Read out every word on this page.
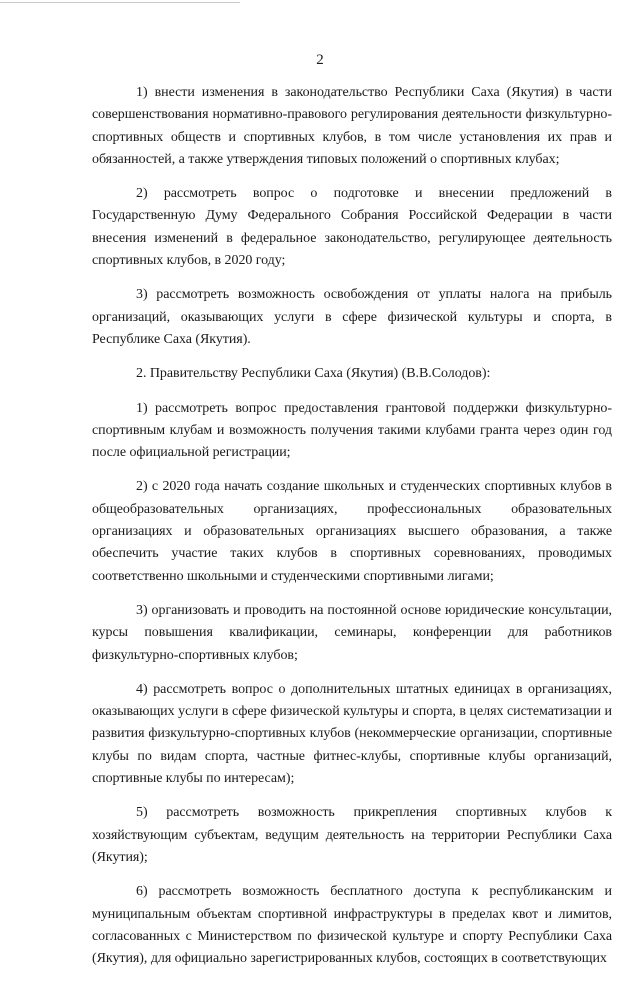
2

1) внести изменения в законодательство Республики Саха (Якутия) в части совершенствования нормативно-правового регулирования деятельности физкультурно-спортивных обществ и спортивных клубов, в том числе установления их прав и обязанностей, а также утверждения типовых положений о спортивных клубах;

2) рассмотреть вопрос о подготовке и внесении предложений в Государственную Думу Федерального Собрания Российской Федерации в части внесения изменений в федеральное законодательство, регулирующее деятельность спортивных клубов, в 2020 году;

3) рассмотреть возможность освобождения от уплаты налога на прибыль организаций, оказывающих услуги в сфере физической культуры и спорта, в Республике Саха (Якутия).

2. Правительству Республики Саха (Якутия) (В.В.Солодов):

1) рассмотреть вопрос предоставления грантовой поддержки физкультурно-спортивным клубам и возможность получения такими клубами гранта через один год после официальной регистрации;

2) с 2020 года начать создание школьных и студенческих спортивных клубов в общеобразовательных организациях, профессиональных образовательных организациях и образовательных организациях высшего образования, а также обеспечить участие таких клубов в спортивных соревнованиях, проводимых соответственно школьными и студенческими спортивными лигами;

3) организовать и проводить на постоянной основе юридические консультации, курсы повышения квалификации, семинары, конференции для работников физкультурно-спортивных клубов;

4) рассмотреть вопрос о дополнительных штатных единицах в организациях, оказывающих услуги в сфере физической культуры и спорта, в целях систематизации и развития физкультурно-спортивных клубов (некоммерческие организации, спортивные клубы по видам спорта, частные фитнес-клубы, спортивные клубы организаций, спортивные клубы по интересам);

5) рассмотреть возможность прикрепления спортивных клубов к хозяйствующим субъектам, ведущим деятельность на территории Республики Саха (Якутия);

6) рассмотреть возможность бесплатного доступа к республиканским и муниципальным объектам спортивной инфраструктуры в пределах квот и лимитов, согласованных с Министерством по физической культуре и спорту Республики Саха (Якутия), для официально зарегистрированных клубов, состоящих в соответствующих
